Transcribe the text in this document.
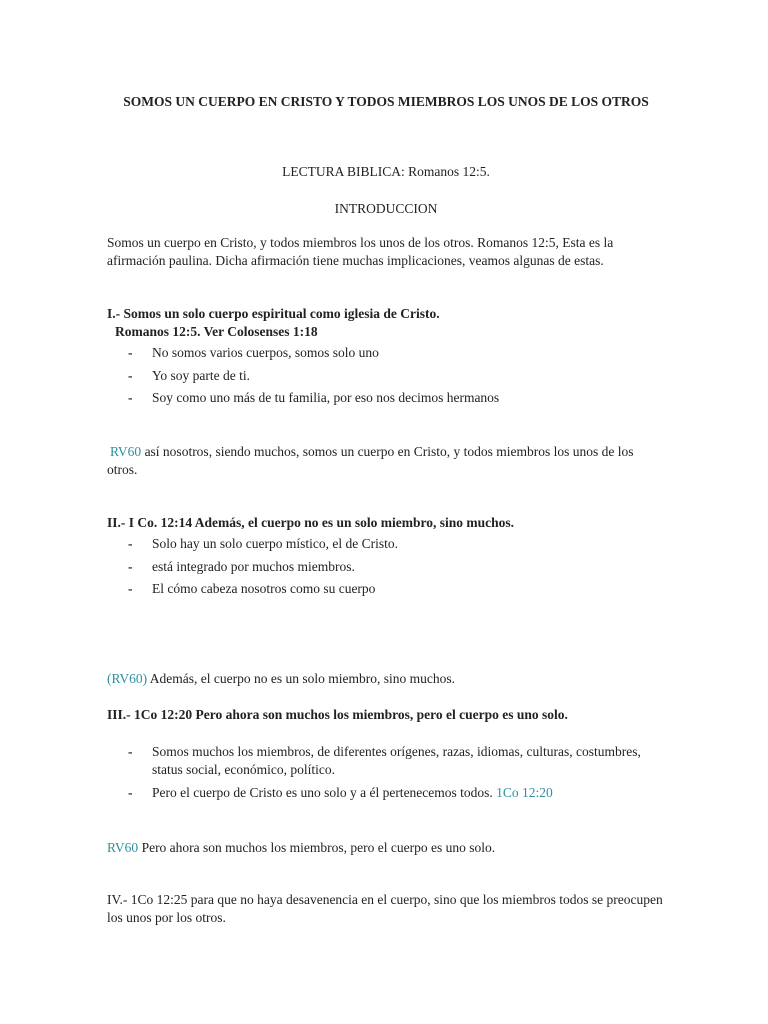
SOMOS UN CUERPO EN CRISTO Y TODOS MIEMBROS LOS UNOS DE LOS OTROS
LECTURA BIBLICA: Romanos 12:5.
INTRODUCCION
Somos un cuerpo en Cristo, y todos miembros los unos de los otros. Romanos 12:5, Esta es la afirmación paulina. Dicha afirmación tiene muchas implicaciones, veamos algunas de estas.
I.- Somos un solo cuerpo espiritual como iglesia de Cristo.
Romanos 12:5. Ver Colosenses 1:18
- No somos varios cuerpos, somos solo uno
- Yo soy parte de ti.
- Soy como uno más de tu familia, por eso nos decimos hermanos
RV60 así nosotros, siendo muchos, somos un cuerpo en Cristo, y todos miembros los unos de los otros.
II.- I Co. 12:14 Además, el cuerpo no es un solo miembro, sino muchos.
- Solo hay un solo cuerpo místico, el de Cristo.
- está integrado por muchos miembros.
- El cómo cabeza nosotros como su cuerpo
(RV60) Además, el cuerpo no es un solo miembro, sino muchos.
III.- 1Co 12:20 Pero ahora son muchos los miembros, pero el cuerpo es uno solo.
- Somos muchos los miembros, de diferentes orígenes, razas, idiomas, culturas, costumbres, status social, económico, político.
- Pero el cuerpo de Cristo es uno solo y a él pertenecemos todos. 1Co 12:20
RV60 Pero ahora son muchos los miembros, pero el cuerpo es uno solo.
IV.- 1Co 12:25 para que no haya desavenencia en el cuerpo, sino que los miembros todos se preocupen los unos por los otros.
